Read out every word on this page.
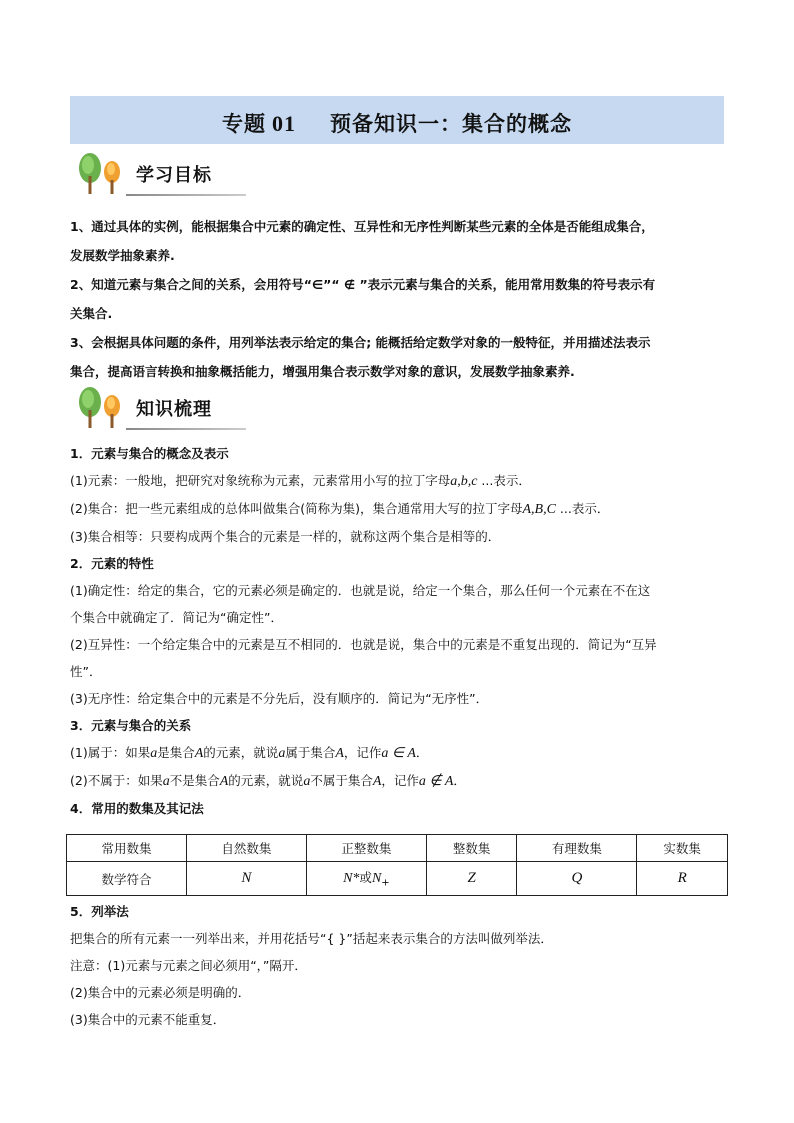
专题 01 预备知识一：集合的概念
学习目标
1、通过具体的实例，能根据集合中元素的确定性、互异性和无序性判断某些元素的全体是否能组成集合，
发展数学抽象素养.
2、知道元素与集合之间的关系，会用符号“∈”“ ∉ ”表示元素与集合的关系，能用常用数集的符号表示有
关集合.
3、会根据具体问题的条件，用列举法表示给定的集合; 能概括给定数学对象的一般特征，并用描述法表示
集合，提高语言转换和抽象概括能力，增强用集合表示数学对象的意识，发展数学抽象素养.
知识梳理
1．元素与集合的概念及表示
(1)元素：一般地，把研究对象统称为元素，元素常用小写的拉丁字母a,b,c ...表示．
(2)集合：把一些元素组成的总体叫做集合(简称为集)，集合通常用大写的拉丁字母A,B,C ...表示．
(3)集合相等：只要构成两个集合的元素是一样的，就称这两个集合是相等的．
2．元素的特性
(1)确定性：给定的集合，它的元素必须是确定的．也就是说，给定一个集合，那么任何一个元素在不在这
个集合中就确定了．简记为“确定性”．
(2)互异性：一个给定集合中的元素是互不相同的．也就是说，集合中的元素是不重复出现的．简记为“互异
性”．
(3)无序性：给定集合中的元素是不分先后，没有顺序的．简记为“无序性”．
3．元素与集合的关系
(1)属于：如果a是集合A的元素，就说a属于集合A，记作a ∈ A．
(2)不属于：如果a不是集合A的元素，就说a不属于集合A，记作a ∉ A．
4．常用的数集及其记法
常用数集	自然数集	正整数集	整数集	有理数集	实数集
数学符合	N	N*或$N_+$	Z	Q	R
5．列举法
把集合的所有元素一一列举出来，并用花括号“{ }”括起来表示集合的方法叫做列举法．
注意：(1)元素与元素之间必须用“，”隔开．
(2)集合中的元素必须是明确的．
(3)集合中的元素不能重复．
